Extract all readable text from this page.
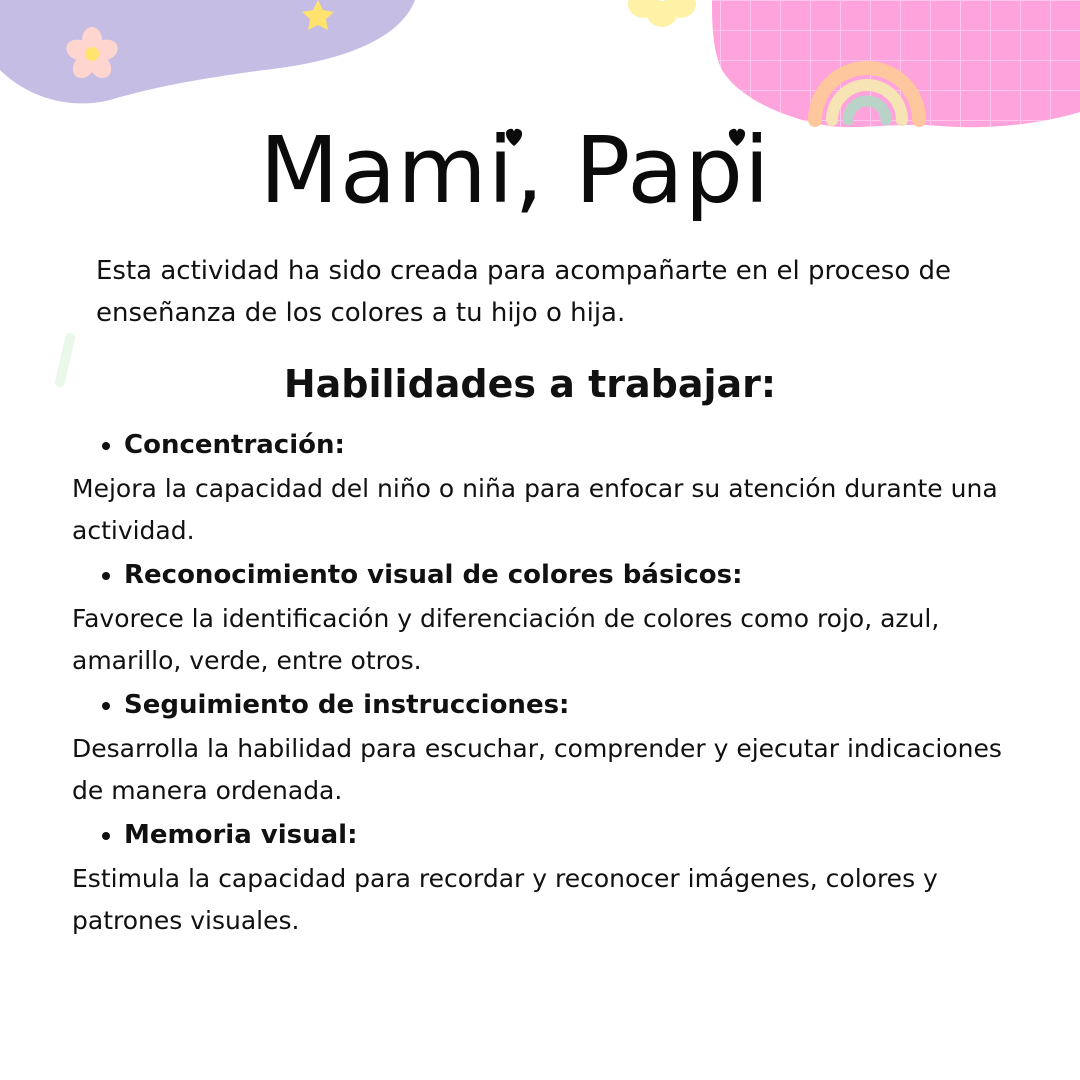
Mami, Papi

Esta actividad ha sido creada para acompañarte en el proceso de enseñanza de los colores a tu hijo o hija.

Habilidades a trabajar:
Concentración:
Mejora la capacidad del niño o niña para enfocar su atención durante una actividad.
Reconocimiento visual de colores básicos:
Favorece la identificación y diferenciación de colores como rojo, azul, amarillo, verde, entre otros.
Seguimiento de instrucciones:
Desarrolla la habilidad para escuchar, comprender y ejecutar indicaciones de manera ordenada.
Memoria visual:
Estimula la capacidad para recordar y reconocer imágenes, colores y patrones visuales.
